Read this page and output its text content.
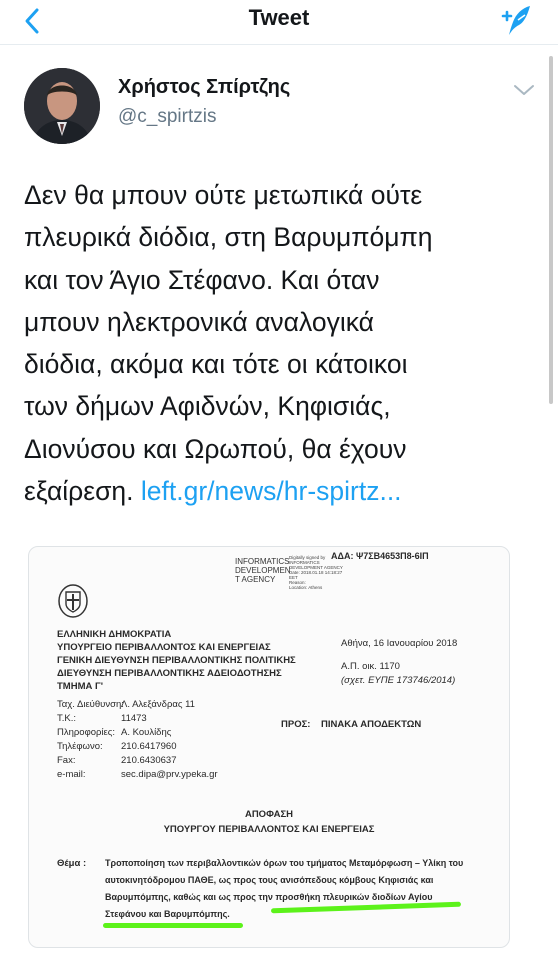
Tweet
Χρήστος Σπίρτζης
@c_spirtzis

Δεν θα μπουν ούτε μετωπικά ούτε
πλευρικά διόδια, στη Βαρυμπόμπη
και τον Άγιο Στέφανο. Και όταν
μπουν ηλεκτρονικά αναλογικά
διόδια, ακόμα και τότε οι κάτοικοι
των δήμων Αφιδνών, Κηφισιάς,
Διονύσου και Ωρωπού, θα έχουν
εξαίρεση. left.gr/news/hr-spirtz...

ΑΔΑ: Ψ7ΣΒ4653Π8-6ΙΠ
INFORMATICS
DEVELOPMEN
T AGENCY
Digitally signed by
INFORMATICS
DEVELOPMENT AGENCY
Date: 2018.01.18 14:18:27
EET
Reason:
Location: Athens
ΕΛΛΗΝΙΚΗ ΔΗΜΟΚΡΑΤΙΑ
ΥΠΟΥΡΓΕΙΟ ΠΕΡΙΒΑΛΛΟΝΤΟΣ ΚΑΙ ΕΝΕΡΓΕΙΑΣ
ΓΕΝΙΚΗ ΔΙΕΥΘΥΝΣΗ ΠΕΡΙΒΑΛΛΟΝΤΙΚΗΣ ΠΟΛΙΤΙΚΗΣ
ΔΙΕΥΘΥΝΣΗ ΠΕΡΙΒΑΛΛΟΝΤΙΚΗΣ ΑΔΕΙΟΔΟΤΗΣΗΣ
ΤΜΗΜΑ Γ'
Αθήνα, 16 Ιανουαρίου 2018
Α.Π. οικ. 1170
(σχετ. ΕΥΠΕ 173746/2014)
Ταχ. Διεύθυνση:
Λ. Αλεξάνδρας 11
Τ.Κ.:	11473
Πληροφορίες: Α. Κουλίδης
Τηλέφωνο: 210.6417960
Fax:	210.6430637
e-mail:	sec.dipa@prv.ypeka.gr
ΠΡΟΣ: ΠΙΝΑΚΑ ΑΠΟΔΕΚΤΩΝ
ΑΠΟΦΑΣΗ
ΥΠΟΥΡΓΟΥ ΠΕΡΙΒΑΛΛΟΝΤΟΣ ΚΑΙ ΕΝΕΡΓΕΙΑΣ
Θέμα : Τροποποίηση των περιβαλλοντικών όρων του τμήματος Μεταμόρφωση – Υλίκη του
αυτοκινητόδρομου ΠΑΘΕ, ως προς τους ανισόπεδους κόμβους Κηφισιάς και
Βαρυμπόμπης, καθώς και ως προς την προσθήκη πλευρικών διοδίων Αγίου
Στεφάνου και Βαρυμπόμπης.
